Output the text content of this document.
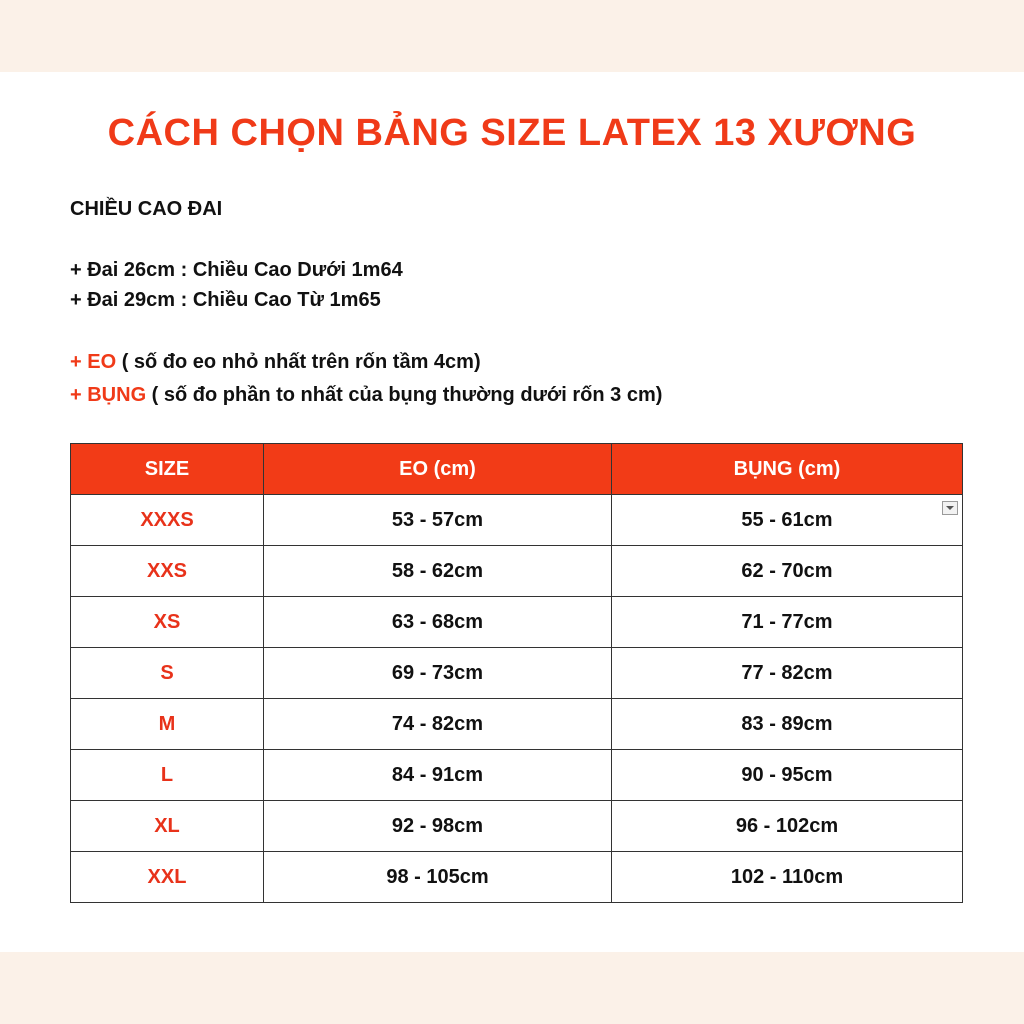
CÁCH CHỌN BẢNG SIZE LATEX 13 XƯƠNG
CHIỀU CAO ĐAI
+ Đai 26cm : Chiều Cao Dưới 1m64
+ Đai 29cm : Chiều Cao Từ 1m65
+ EO ( số đo eo nhỏ nhất trên rốn tầm 4cm)
+ BỤNG ( số đo phần to nhất của bụng thường dưới rốn 3 cm)
SIZE	EO (cm)	BỤNG (cm)
XXXS	53 - 57cm	55 - 61cm

XXS	58 - 62cm	62 - 70cm
XS	63 - 68cm	71 - 77cm
S	69 - 73cm	77 - 82cm
M	74 - 82cm	83 - 89cm
L	84 - 91cm	90 - 95cm
XL	92 - 98cm	96 - 102cm
XXL	98 - 105cm	102 - 110cm
